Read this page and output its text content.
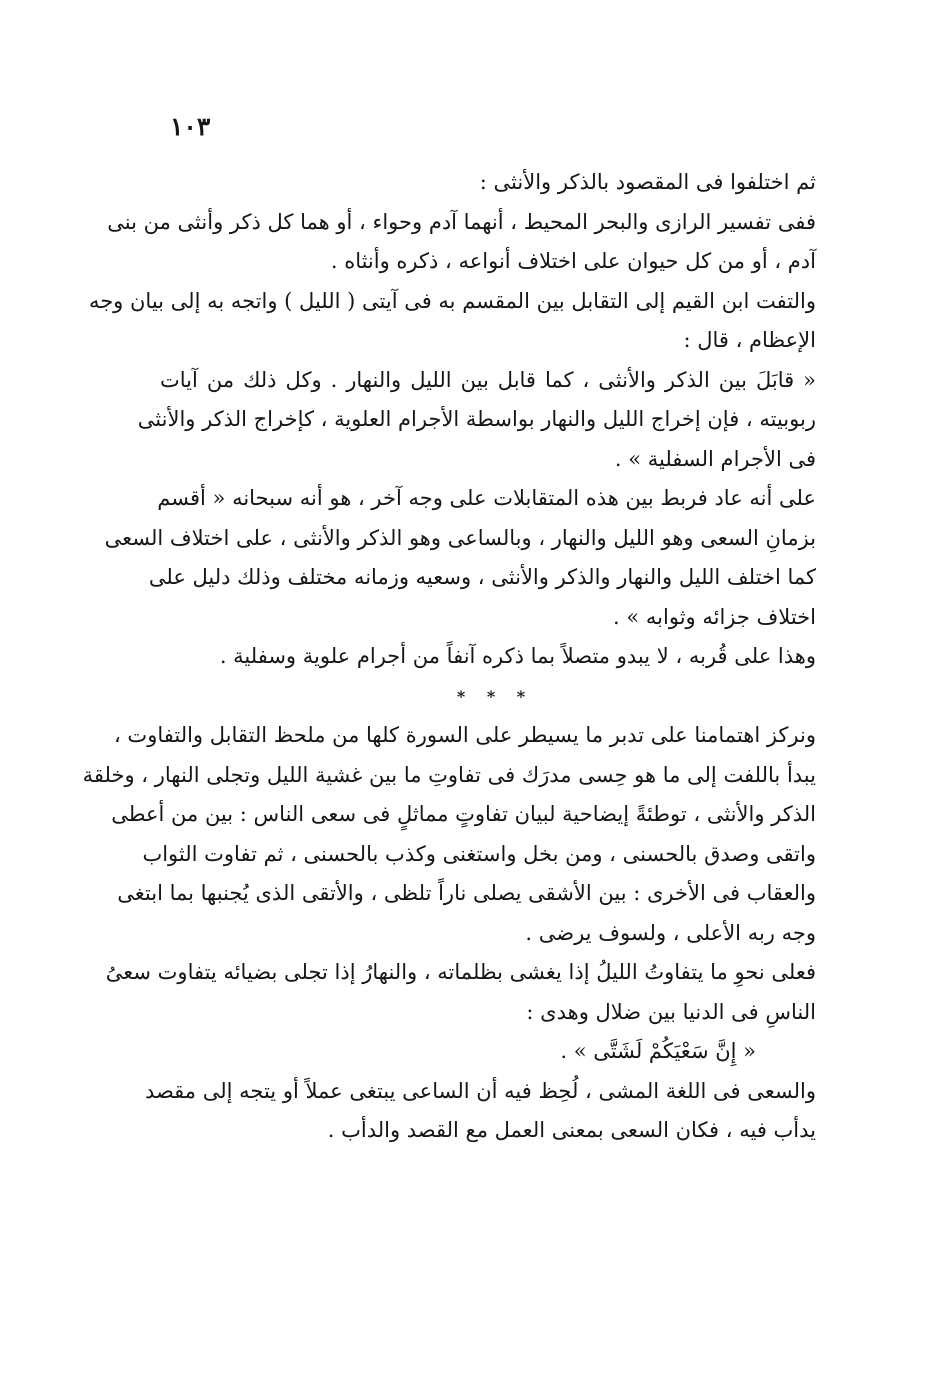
١٠٣
ثم اختلفوا فى المقصود بالذكر والأنثى :
ففى تفسير الرازى والبحر المحيط ، أنهما آدم وحواء ، أو هما كل ذكر وأنثى من بنى
آدم ، أو من كل حيوان على اختلاف أنواعه ، ذكره وأنثاه .
والتفت ابن القيم إلى التقابل بين المقسم به فى آيتى ( الليل ) واتجه به إلى بيان وجه
الإعظام ، قال :
« قابَلَ بين الذكر والأنثى ، كما قابل بين الليل والنهار . وكل ذلك من آيات
ربوبيته ، فإن إخراج الليل والنهار بواسطة الأجرام العلوية ، كإخراج الذكر والأنثى
فى الأجرام السفلية » .
على أنه عاد فربط بين هذه المتقابلات على وجه آخر ، هو أنه سبحانه « أقسم
بزمانِ السعى وهو الليل والنهار ، وبالساعى وهو الذكر والأنثى ، على اختلاف السعى
كما اختلف الليل والنهار والذكر والأنثى ، وسعيه وزمانه مختلف وذلك دليل على
اختلاف جزائه وثوابه » .
وهذا على قُربه ، لا يبدو متصلاً بما ذكره آنفاً من أجرام علوية وسفلية .
* * *
ونركز اهتمامنا على تدبر ما يسيطر على السورة كلها من ملحظ التقابل والتفاوت ،
يبدأ باللفت إلى ما هو حِسى مدرَك فى تفاوتِ ما بين غشية الليل وتجلى النهار ، وخلقة
الذكر والأنثى ، توطئةً إيضاحية لبيان تفاوتٍ مماثلٍ فى سعى الناس : بين من أعطى
واتقى وصدق بالحسنى ، ومن بخل واستغنى وكذب بالحسنى ، ثم تفاوت الثواب
والعقاب فى الأخرى : بين الأشقى يصلى ناراً تلظى ، والأتقى الذى يُجنبها بما ابتغى
وجه ربه الأعلى ، ولسوف يرضى .
فعلى نحوِ ما يتفاوتُ الليلُ إذا يغشى بظلماته ، والنهارُ إذا تجلى بضيائه يتفاوت سعىُ
الناسِ فى الدنيا بين ضلال وهدى :
« إِنَّ سَعْيَكُمْ لَشَتَّى » .
والسعى فى اللغة المشى ، لُحِظ فيه أن الساعى يبتغى عملاً أو يتجه إلى مقصد
يدأب فيه ، فكان السعى بمعنى العمل مع القصد والدأب .
